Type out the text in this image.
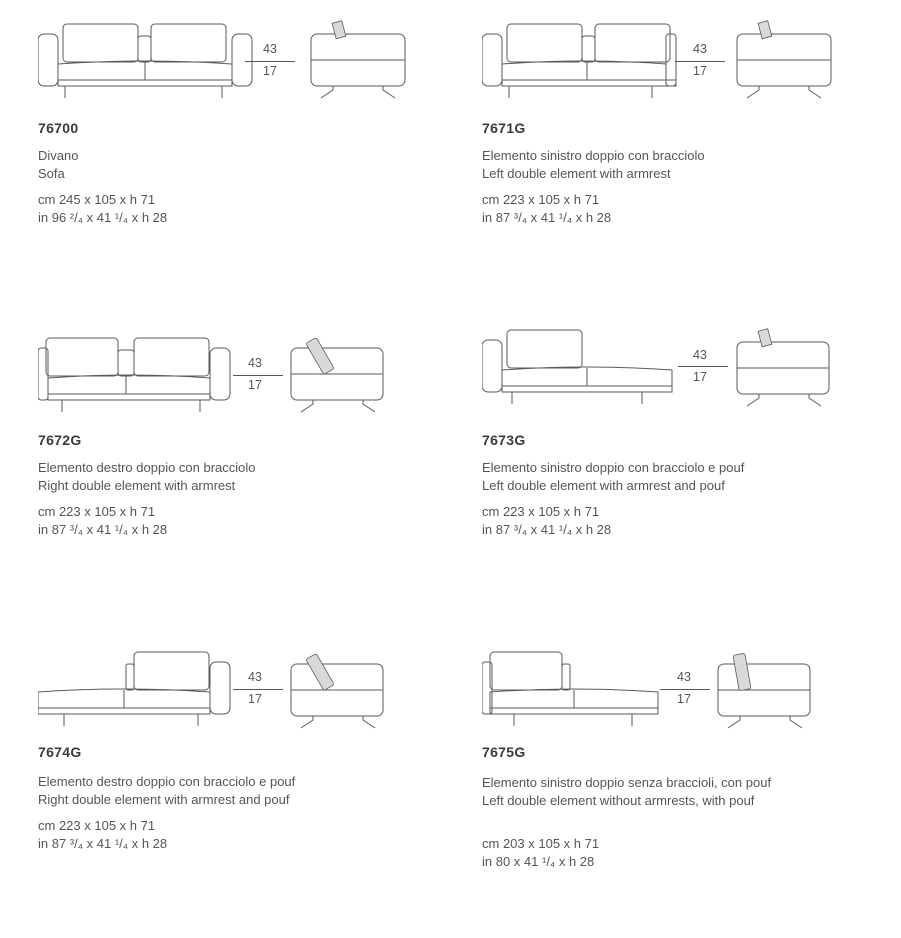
43
17
76700
Divano
Sofa
cm 245 x 105 x h 71
in 96 ²/₄ x 41 ¹/₄ x h 28
43
17
7671G
Elemento sinistro doppio con bracciolo
Left double element with armrest
cm 223 x 105 x h 71
in 87 ³/₄ x 41 ¹/₄ x h 28
43
17
7672G
Elemento destro doppio con bracciolo
Right double element with armrest
cm 223 x 105 x h 71
in 87 ³/₄ x 41 ¹/₄ x h 28
43
17
7673G
Elemento sinistro doppio con bracciolo e pouf
Left double element with armrest and pouf
cm 223 x 105 x h 71
in 87 ³/₄ x 41 ¹/₄ x h 28
43
17
7674G
Elemento destro doppio con bracciolo e pouf
Right double element with armrest and pouf
cm 223 x 105 x h 71
in 87 ³/₄ x 41 ¹/₄ x h 28
43
17
7675G
Elemento sinistro doppio senza braccioli, con pouf
Left double element without armrests, with pouf
cm 203 x 105 x h 71
in 80 x 41 ¹/₄ x h 28
